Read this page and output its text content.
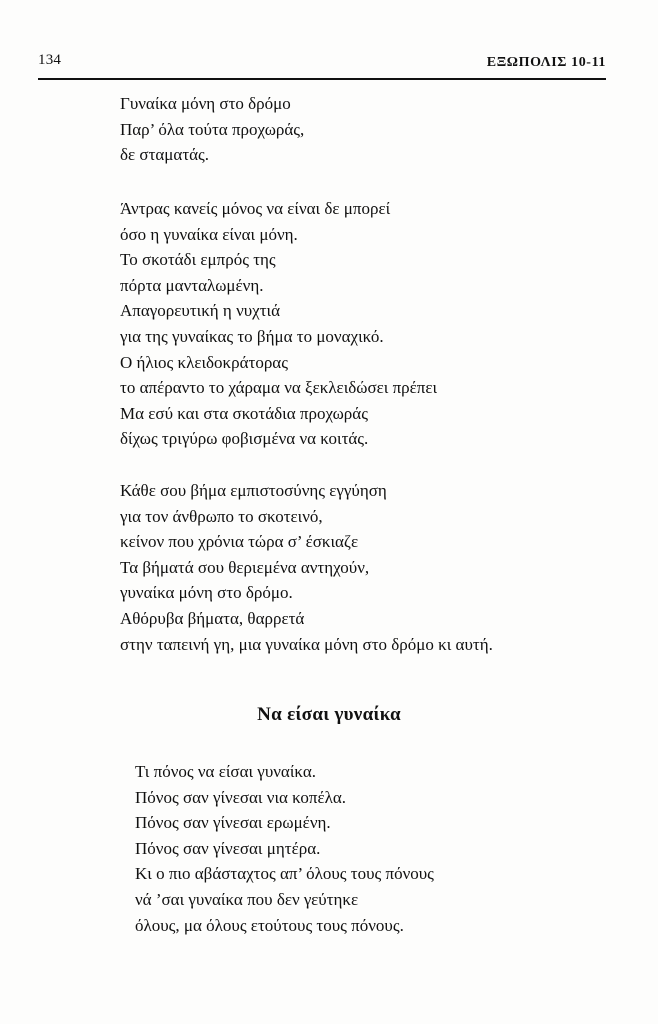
134	ΕΞΩΠΟΛΙΣ 10-11
Γυναίκα μόνη στο δρόμο
Παρ’ όλα τούτα προχωράς,
δε σταματάς.
Άντρας κανείς μόνος να είναι δε μπορεί
όσο η γυναίκα είναι μόνη.
Το σκοτάδι εμπρός της
πόρτα μανταλωμένη.
Απαγορευτική η νυχτιά
για της γυναίκας το βήμα το μοναχικό.
Ο ήλιος κλειδοκράτορας
το απέραντο το χάραμα να ξεκλειδώσει πρέπει
Μα εσύ και στα σκοτάδια προχωράς
δίχως τριγύρω φοβισμένα να κοιτάς.
Κάθε σου βήμα εμπιστοσύνης εγγύηση
για τον άνθρωπο το σκοτεινό,
κείνον που χρόνια τώρα σ’ έσκιαζε
Τα βήματά σου θεριεμένα αντηχούν,
γυναίκα μόνη στο δρόμο.
Αθόρυβα βήματα, θαρρετά
στην ταπεινή γη, μια γυναίκα μόνη στο δρόμο κι αυτή.
Να είσαι γυναίκα
Τι πόνος να είσαι γυναίκα.
Πόνος σαν γίνεσαι νια κοπέλα.
Πόνος σαν γίνεσαι ερωμένη.
Πόνος σαν γίνεσαι μητέρα.
Κι ο πιο αβάσταχτος απ’ όλους τους πόνους
νά ’σαι γυναίκα που δεν γεύτηκε
όλους, μα όλους ετούτους τους πόνους.
